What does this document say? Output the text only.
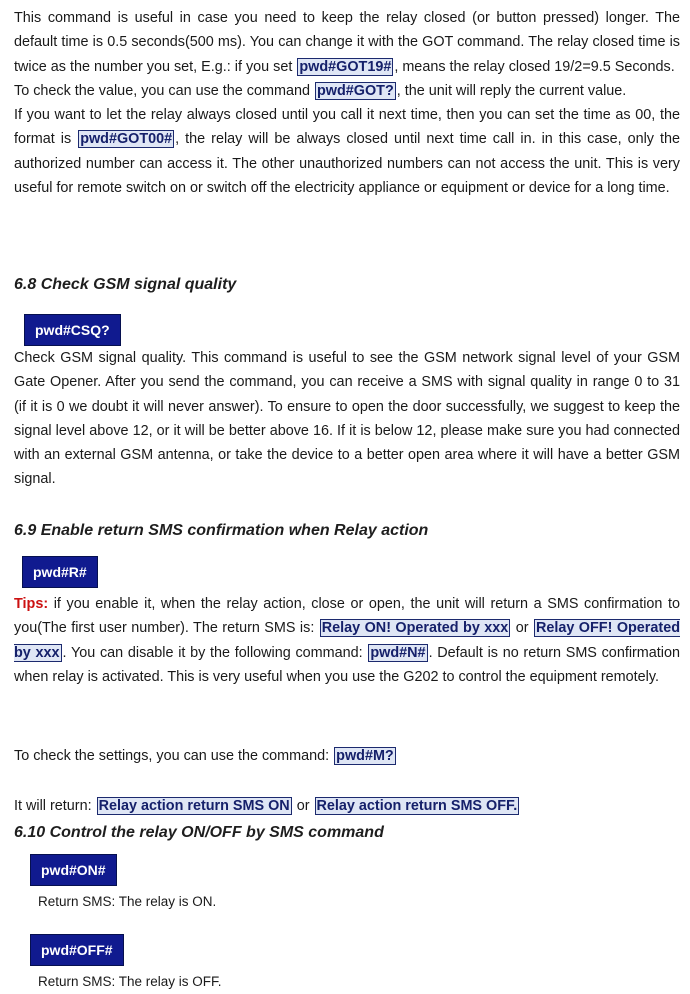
This command is useful in case you need to keep the relay closed (or button pressed) longer. The default time is 0.5 seconds(500 ms). You can change it with the GOT command. The relay closed time is twice as the number you set, E.g.: if you set pwd#GOT19# , means the relay closed 19/2=9.5 Seconds.

To check the value, you can use the command pwd#GOT? , the unit will reply the current value.

If you want to let the relay always closed until you call it next time, then you can set the time as 00, the format is pwd#GOT00# , the relay will be always closed until next time call in. in this case, only the authorized number can access it. The other unauthorized numbers can not access the unit. This is very useful for remote switch on or switch off the electricity appliance or equipment or device for a long time.

6.8 Check GSM signal quality
pwd#CSQ?

Check GSM signal quality. This command is useful to see the GSM network signal level of your GSM Gate Opener. After you send the command, you can receive a SMS with signal quality in range 0 to 31 (if it is 0 we doubt it will never answer). To ensure to open the door successfully, we suggest to keep the signal level above 12, or it will be better above 16. If it is below 12, please make sure you had connected with an external GSM antenna, or take the device to a better open area where it will have a better GSM signal.

6.9 Enable return SMS confirmation when Relay action
pwd#R#

Tips: if you enable it, when the relay action, close or open, the unit will return a SMS confirmation to you(The first user number). The return SMS is: Relay ON! Operated by xxx or Relay OFF! Operated by xxx . You can disable it by the following command: pwd#N# . Default is no return SMS confirmation when relay is activated. This is very useful when you use the G202 to control the equipment remotely.

To check the settings, you can use the command: pwd#M?

It will return: Relay action return SMS ON or Relay action return SMS OFF.

6.10 Control the relay ON/OFF by SMS command
pwd#ON#

Return SMS: The relay is ON.

pwd#OFF#

Return SMS: The relay is OFF.
